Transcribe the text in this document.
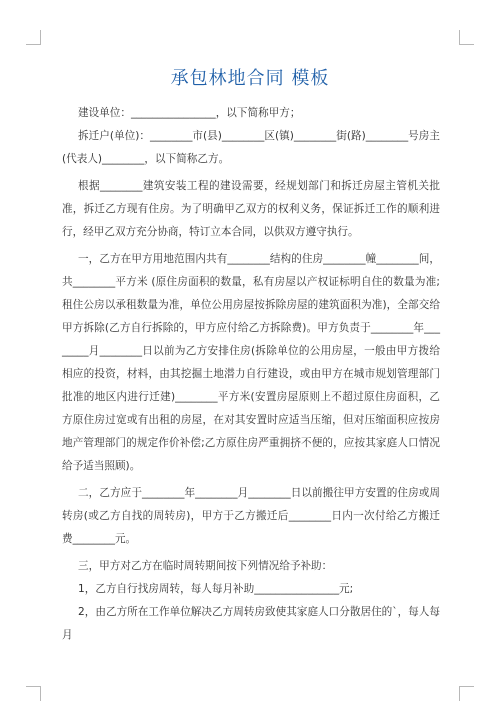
承包林地合同 模板

建设单位：________________，以下简称甲方；

拆迁户(单位)：________市(县)________区(镇)________街(路)________号房主(代表人)________，以下简称乙方。

根据________建筑安装工程的建设需要，经规划部门和拆迁房屋主管机关批准，拆迁乙方现有住房。为了明确甲乙双方的权利义务，保证拆迁工作的顺利进行，经甲乙双方充分协商，特订立本合同，以供双方遵守执行。

一，乙方在甲方用地范围内共有________结构的住房________幢________间，共________平方米 (原住房面积的数量，私有房屋以产权证标明自住的数量为准;租住公房以承租数量为准，单位公用房屋按拆除房屋的建筑面积为准)，全部交给甲方拆除(乙方自行拆除的，甲方应付给乙方拆除费)。甲方负责于________年________月________日以前为乙方安排住房(拆除单位的公用房屋，一般由甲方拨给相应的投资，材料，由其挖掘土地潜力自行建设，或由甲方在城市规划管理部门批准的地区内进行迁建)________平方米(安置房屋原则上不超过原住房面积，乙方原住房过宽或有出租的房屋，在对其安置时应适当压缩，但对压缩面积应按房地产管理部门的规定作价补偿;乙方原住房严重拥挤不便的，应按其家庭人口情况给予适当照顾)。

二，乙方应于________年________月________日以前搬往甲方安置的住房或周转房(或乙方自找的周转房)，甲方于乙方搬迁后________日内一次付给乙方搬迁费________元。

三，甲方对乙方在临时周转期间按下列情况给予补助：

1，乙方自行找房周转，每人每月补助________________元;

2，由乙方所在工作单位解决乙方周转房致使其家庭人口分散居住的`，每人每月
